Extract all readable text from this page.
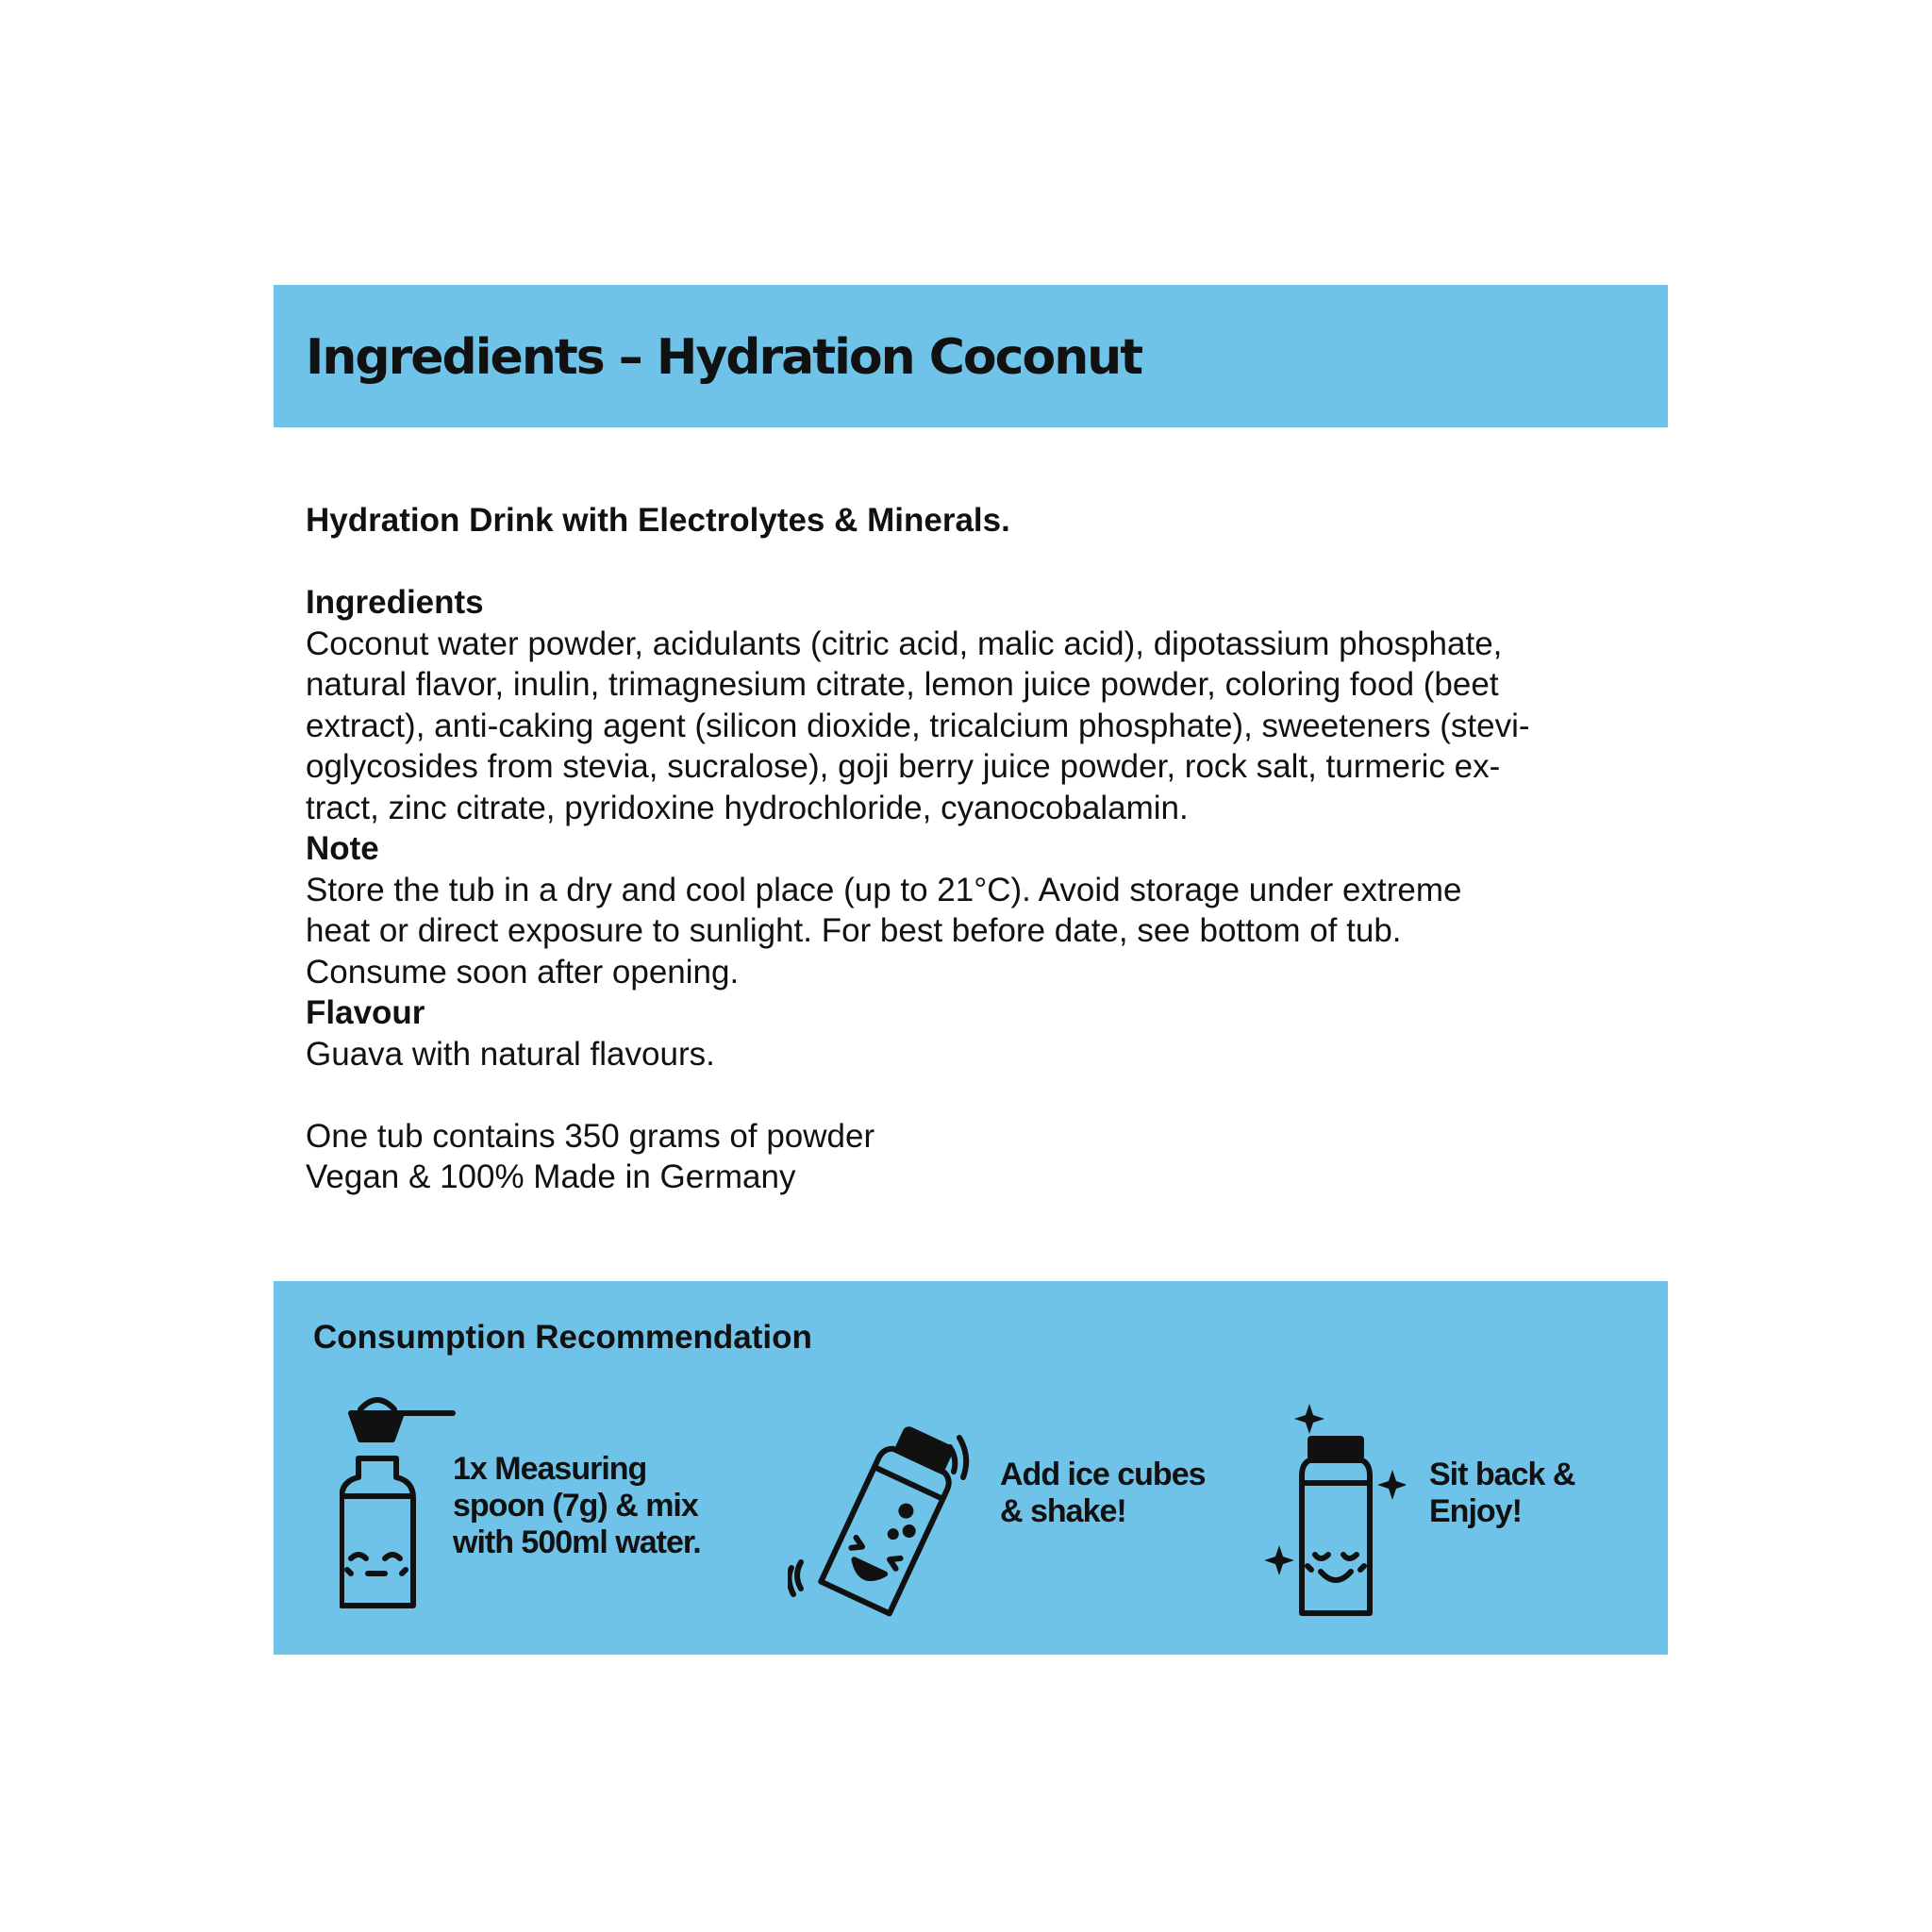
Ingredients – Hydration Coconut

Hydration Drink with Electrolytes & Minerals.

Ingredients

Coconut water powder, acidulants (citric acid, malic acid), dipotassium phosphate,

natural flavor, inulin, trimagnesium citrate, lemon juice powder, coloring food (beet

extract), anti-caking agent (silicon dioxide, tricalcium phosphate), sweeteners (stevi-

oglycosides from stevia, sucralose), goji berry juice powder, rock salt, turmeric ex-

tract, zinc citrate, pyridoxine hydrochloride, cyanocobalamin.

Note

Store the tub in a dry and cool place (up to 21°C). Avoid storage under extreme

heat or direct exposure to sunlight. For best before date, see bottom of tub.

Consume soon after opening.

Flavour

Guava with natural flavours.

One tub contains 350 grams of powder

Vegan & 100% Made in Germany

Consumption Recommendation
1x Measuring
spoon (7g) & mix
with 500ml water.
Add ice cubes
& shake!
Sit back &
Enjoy!
